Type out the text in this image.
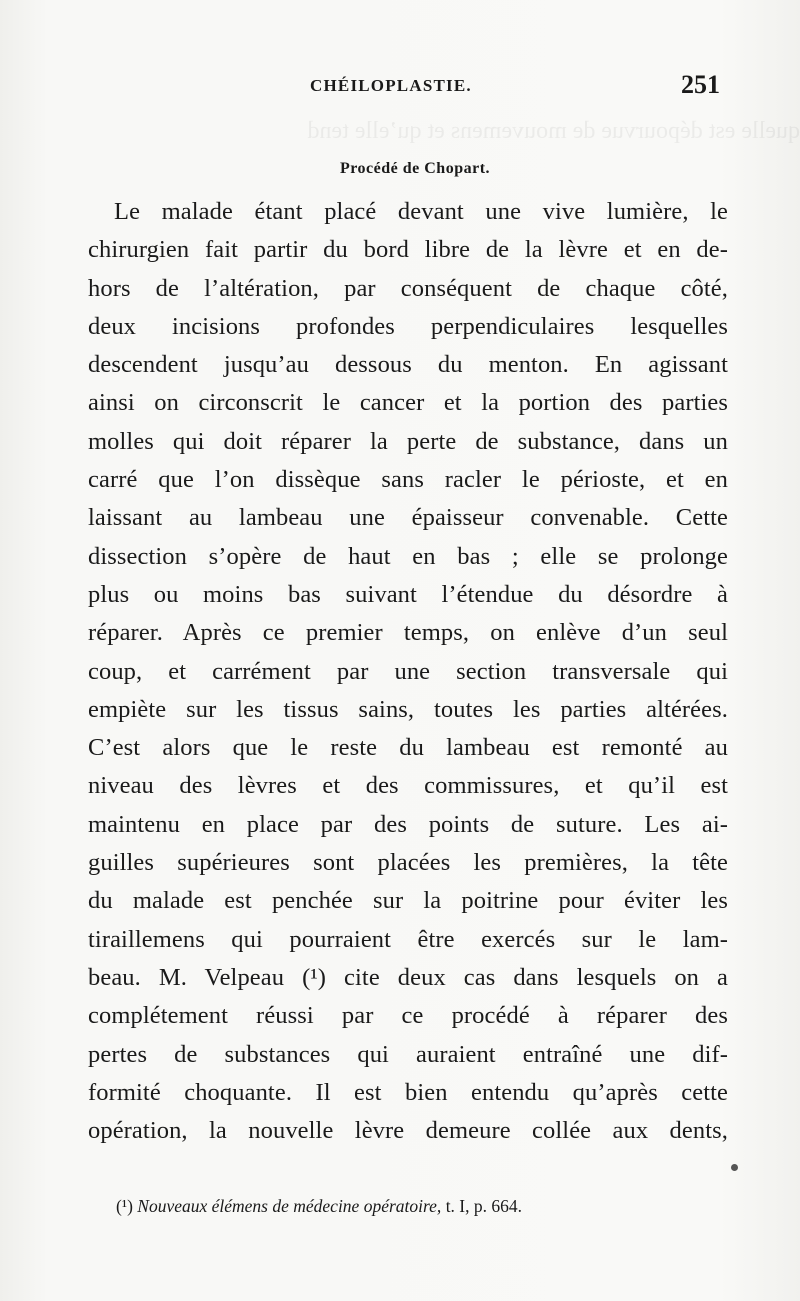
quelle est dépourvue de mouvemens et qu’elle tend
CHÉILOPLASTIE.	251
Procédé de Chopart.
Le malade étant placé devant une vive lumière, le
chirurgien fait partir du bord libre de la lèvre et en de-
hors de l’altération, par conséquent de chaque côté,
deux incisions profondes perpendiculaires lesquelles
descendent jusqu’au dessous du menton. En agissant
ainsi on circonscrit le cancer et la portion des parties
molles qui doit réparer la perte de substance, dans un
carré que l’on dissèque sans racler le périoste, et en
laissant au lambeau une épaisseur convenable. Cette
dissection s’opère de haut en bas ; elle se prolonge
plus ou moins bas suivant l’étendue du désordre à
réparer. Après ce premier temps, on enlève d’un seul
coup, et carrément par une section transversale qui
empiète sur les tissus sains, toutes les parties altérées.
C’est alors que le reste du lambeau est remonté au
niveau des lèvres et des commissures, et qu’il est
maintenu en place par des points de suture. Les ai-
guilles supérieures sont placées les premières, la tête
du malade est penchée sur la poitrine pour éviter les
tiraillemens qui pourraient être exercés sur le lam-
beau. M. Velpeau (¹) cite deux cas dans lesquels on a
complétement réussi par ce procédé à réparer des
pertes de substances qui auraient entraîné une dif-
formité choquante. Il est bien entendu qu’après cette
opération, la nouvelle lèvre demeure collée aux dents,
(¹) Nouveaux élémens de médecine opératoire, t. I, p. 664.
